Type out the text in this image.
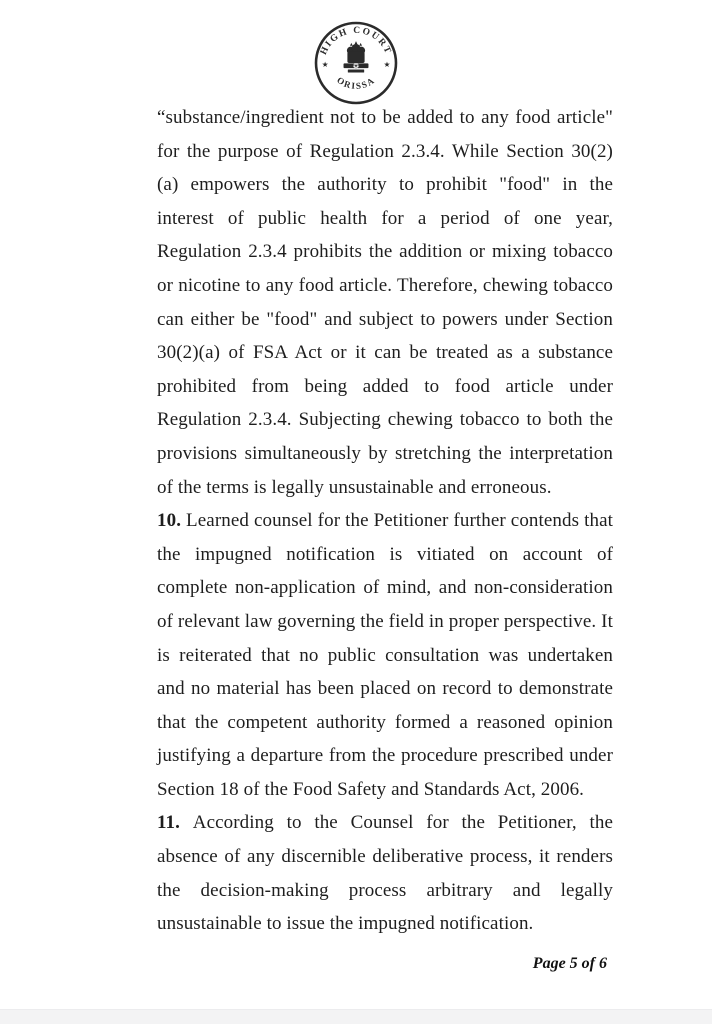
HIGH COURT
ORISSA
★	★

“substance/ingredient not to be added to any food article" for the purpose of Regulation 2.3.4. While Section 30(2)(a) empowers the authority to prohibit "food" in the interest of public health for a period of one year, Regulation 2.3.4 prohibits the addition or mixing tobacco or nicotine to any food article. Therefore, chewing tobacco can either be "food" and subject to powers under Section 30(2)(a) of FSA Act or it can be treated as a substance prohibited from being added to food article under Regulation 2.3.4. Subjecting chewing tobacco to both the provisions simultaneously by stretching the interpretation of the terms is legally unsustainable and erroneous.

10. Learned counsel for the Petitioner further contends that the impugned notification is vitiated on account of complete non-application of mind, and non-consideration of relevant law governing the field in proper perspective. It is reiterated that no public consultation was undertaken and no material has been placed on record to demonstrate that the competent authority formed a reasoned opinion justifying a departure from the procedure prescribed under Section 18 of the Food Safety and Standards Act, 2006.

11. According to the Counsel for the Petitioner, the absence of any discernible deliberative process, it renders the decision-making process arbitrary and legally unsustainable to issue the impugned notification.

Page 5 of 6
